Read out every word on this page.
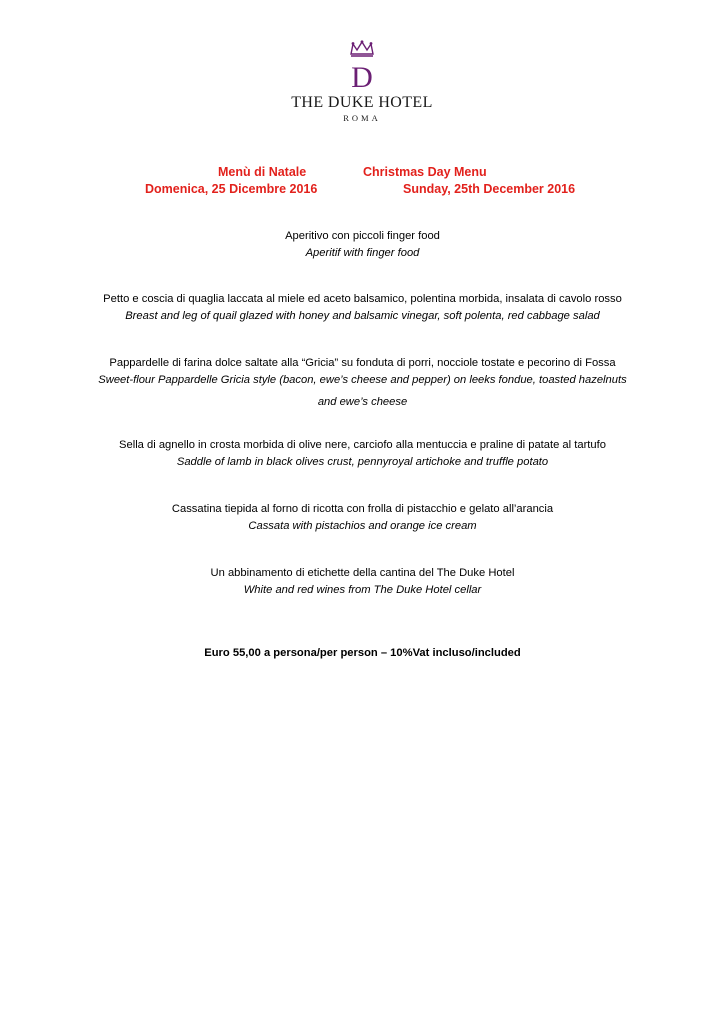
D
THE DUKE HOTEL
ROMA
Menù di Natale	Christmas Day Menu
Domenica, 25 Dicembre 2016	Sunday, 25th December 2016
Aperitivo con piccoli finger food
Aperitif with finger food
Petto e coscia di quaglia laccata al miele ed aceto balsamico, polentina morbida, insalata di cavolo rosso
Breast and leg of quail glazed with honey and balsamic vinegar, soft polenta, red cabbage salad
Pappardelle di farina dolce saltate alla “Gricia” su fonduta di porri, nocciole tostate e pecorino di Fossa
Sweet-flour Pappardelle Gricia style (bacon, ewe’s cheese and pepper) on leeks fondue, toasted hazelnuts
and ewe’s cheese
Sella di agnello in crosta morbida di olive nere, carciofo alla mentuccia e praline di patate al tartufo
Saddle of lamb in black olives crust, pennyroyal artichoke and truffle potato
Cassatina tiepida al forno di ricotta con frolla di pistacchio e gelato all’arancia
Cassata with pistachios and orange ice cream
Un abbinamento di etichette della cantina del The Duke Hotel
White and red wines from The Duke Hotel cellar
Euro 55,00 a persona/per person – 10%Vat incluso/included
